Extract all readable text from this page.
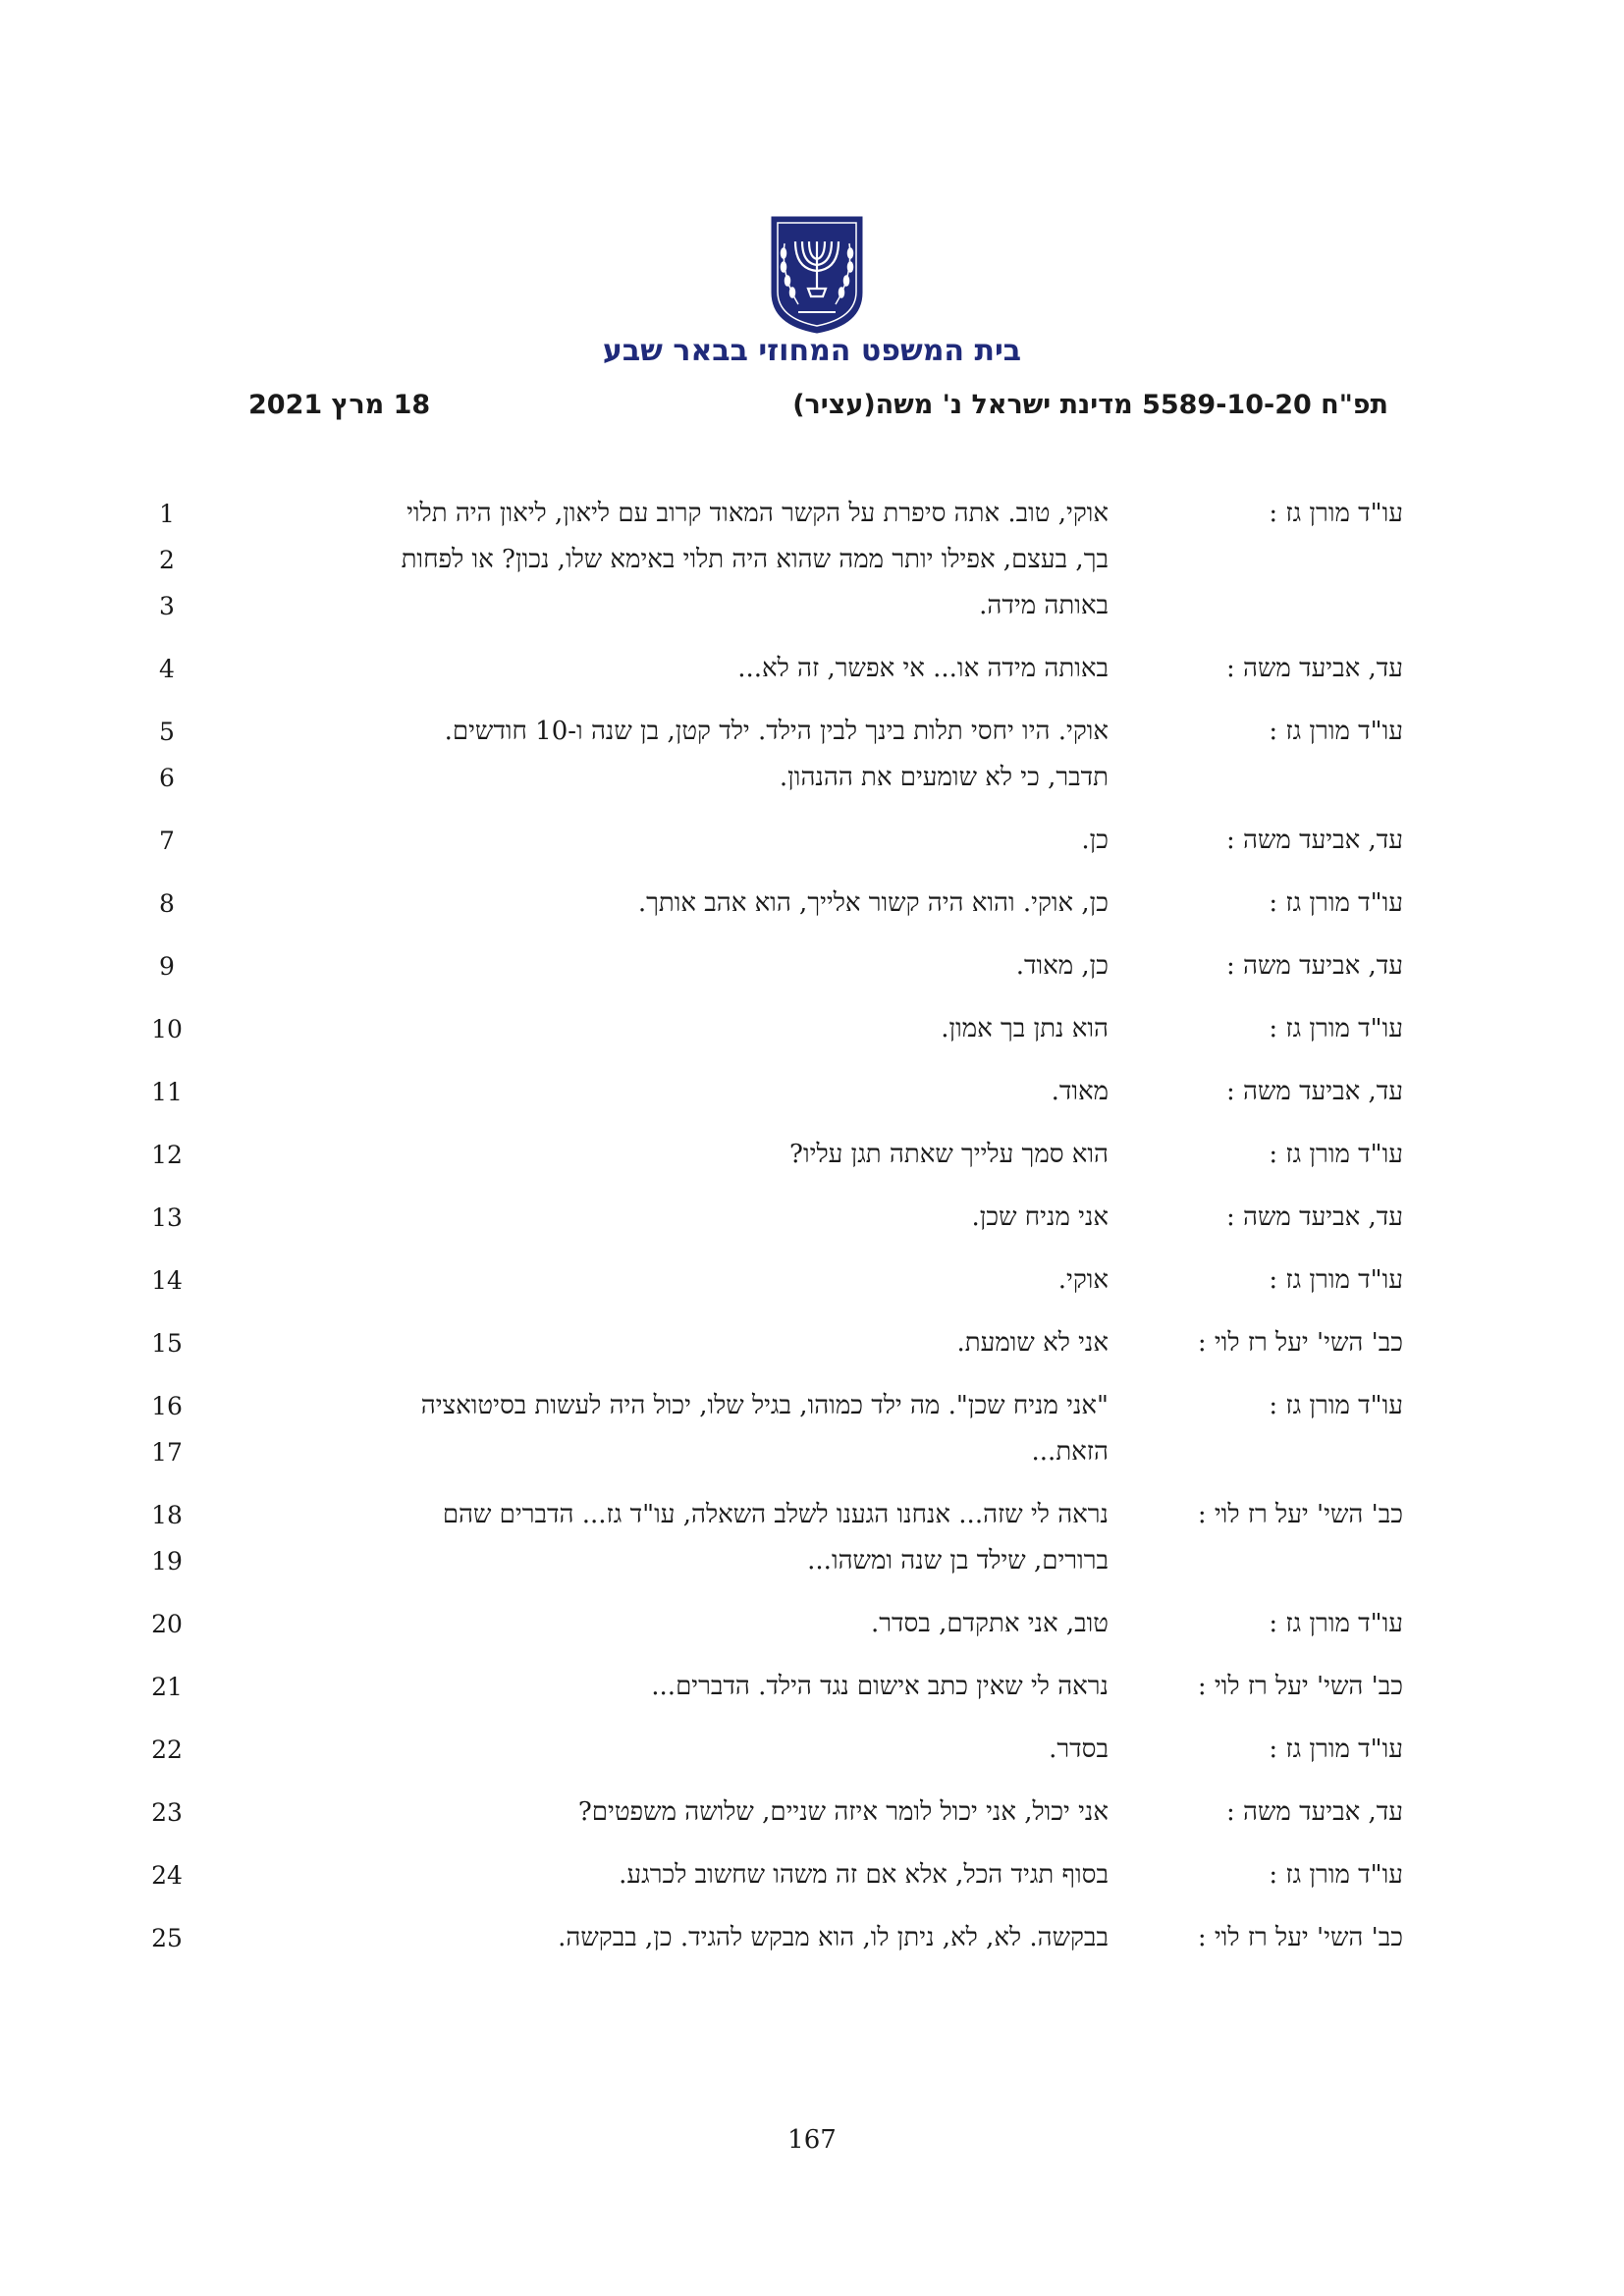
בית המשפט המחוזי בבאר שבע
תפ"ח 5589-10-20 מדינת ישראל נ' משה(עציר)
18 מרץ 2021
1	אוקי, טוב. אתה סיפרת על הקשר המאוד קרוב עם ליאון, ליאון היה תלוי	עו"ד מורן גז :
2	בך, בעצם, אפילו יותר ממה שהוא היה תלוי באימא שלו, נכון? או לפחות
3	באותה מידה.
4	באותה מידה או... אי אפשר, זה לא...	עד, אביעד משה :
5	אוקי. היו יחסי תלות בינך לבין הילד. ילד קטן, בן שנה ו-10 חודשים.	עו"ד מורן גז :
6	תדבר, כי לא שומעים את ההנהון.
7	כן.	עד, אביעד משה :
8	כן, אוקי. והוא היה קשור אלייך, הוא אהב אותך.	עו"ד מורן גז :
9	כן, מאוד.	עד, אביעד משה :
10	הוא נתן בך אמון.	עו"ד מורן גז :
11	מאוד.	עד, אביעד משה :
12	הוא סמך עלייך שאתה תגן עליו?	עו"ד מורן גז :
13	אני מניח שכן.	עד, אביעד משה :
14	אוקי.	עו"ד מורן גז :
15	אני לא שומעת.	כב' השי' יעל רז לוי :
16	"אני מניח שכן". מה ילד כמוהו, בגיל שלו, יכול היה לעשות בסיטואציה	עו"ד מורן גז :
17	הזאת...
18	נראה לי שזה... אנחנו הגענו לשלב השאלה, עו"ד גז... הדברים שהם	כב' השי' יעל רז לוי :
19	ברורים, שילד בן שנה ומשהו...
20	טוב, אני אתקדם, בסדר.	עו"ד מורן גז :
21	נראה לי שאין כתב אישום נגד הילד. הדברים...	כב' השי' יעל רז לוי :
22	בסדר.	עו"ד מורן גז :
23	אני יכול, אני יכול לומר איזה שניים, שלושה משפטים?	עד, אביעד משה :
24	בסוף תגיד הכל, אלא אם זה משהו שחשוב לכרגע.	עו"ד מורן גז :
25	בבקשה. לא, לא, ניתן לו, הוא מבקש להגיד. כן, בבקשה.	כב' השי' יעל רז לוי :
167
